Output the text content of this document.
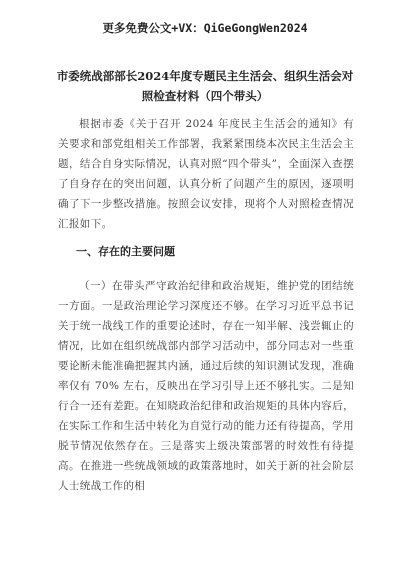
更多免费公文+VX：QiGeGongWen2024
市委统战部部长2024年度专题民主生活会、组织生活会对照检查材料（四个带头）
根据市委《关于召开 2024 年度民主生活会的通知》有关要求和部党组相关工作部署，我紧紧围绕本次民主生活会主题，结合自身实际情况，认真对照“四个带头”，全面深入查摆了自身存在的突出问题，认真分析了问题产生的原因，逐项明确了下一步整改措施。按照会议安排，现将个人对照检查情况汇报如下。
一、存在的主要问题
（一）在带头严守政治纪律和政治规矩，维护党的团结统一方面。一是政治理论学习深度还不够。在学习习近平总书记关于统一战线工作的重要论述时，存在一知半解、浅尝辄止的情况，比如在组织统战部内部学习活动中，部分同志对一些重要论断未能准确把握其内涵，通过后续的知识测试发现，准确率仅有 70% 左右，反映出在学习引导上还不够扎实。二是知行合一还有差距。在知晓政治纪律和政治规矩的具体内容后，在实际工作和生活中转化为自觉行动的能力还有待提高，学用脱节情况依然存在。三是落实上级决策部署的时效性有待提高。在推进一些统战领域的政策落地时，如关于新的社会阶层人士统战工作的相
